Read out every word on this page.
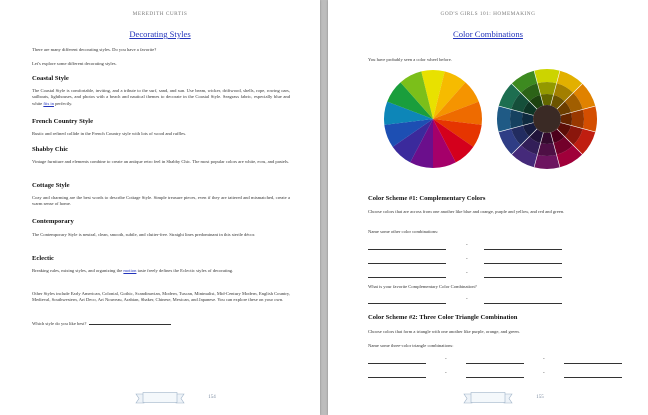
MEREDITH CURTIS
Decorating Styles

There are many different decorating styles. Do you have a favorite?

Let's explore some different decorating styles.

Coastal Style

The Coastal Style is comfortable, inviting, and a tribute to the surf, sand, and sun. Use beam, wicker, driftwood, shells, rope, rowing oars, sailboats, lighthouses, and photos with a beach and nautical themes to decorate in the Coastal Style. Seagrass fabric, especially blue and white fits in perfectly.

French Country Style

Rustic and refined collide in the French Country style with lots of wood and ruffles.

Shabby Chic

Vintage furniture and elements combine to create an antique retro feel in Shabby Chic. The most popular colors are white, ecru, and pastels.

Cottage Style

Cozy and charming are the best words to describe Cottage Style. Simple treasure pieces, even if they are tattered and mismatched, create a warm sense of home.

Contemporary

The Contemporary Style is neutral, clean, smooth, subtle, and clutter-free. Straight lines predominant in this sterile décor.

Eclectic

Breaking rules, mixing styles, and organizing the motion taste freely defines the Eclectic styles of decorating.

Other Styles include Early American, Colonial, Gothic, Scandinavian, Modern, Tuscan, Minimalist, Mid-Century Modern, English Country, Medieval, Southwestern, Art Deco, Art Nouveau, Arabian, Shaker, Chinese, Mexican, and Japanese. You can explore these on your own.

Which style do you like best?

154
GOD'S GIRLS 101: HOMEMAKING
Color Combinations

You have probably seen a color wheel before.

Color Scheme #1: Complementary Colors

Choose colors that are across from one another like blue and orange, purple and yellow, and red and green.

Name some other color combinations:

-
-
-

What is your favorite Complementary Color Combination?

-

Color Scheme #2: Three Color Triangle Combination

Choose colors that form a triangle with one another like purple, orange, and green.

Name some three-color triangle combinations:

-	-
-	-
155
